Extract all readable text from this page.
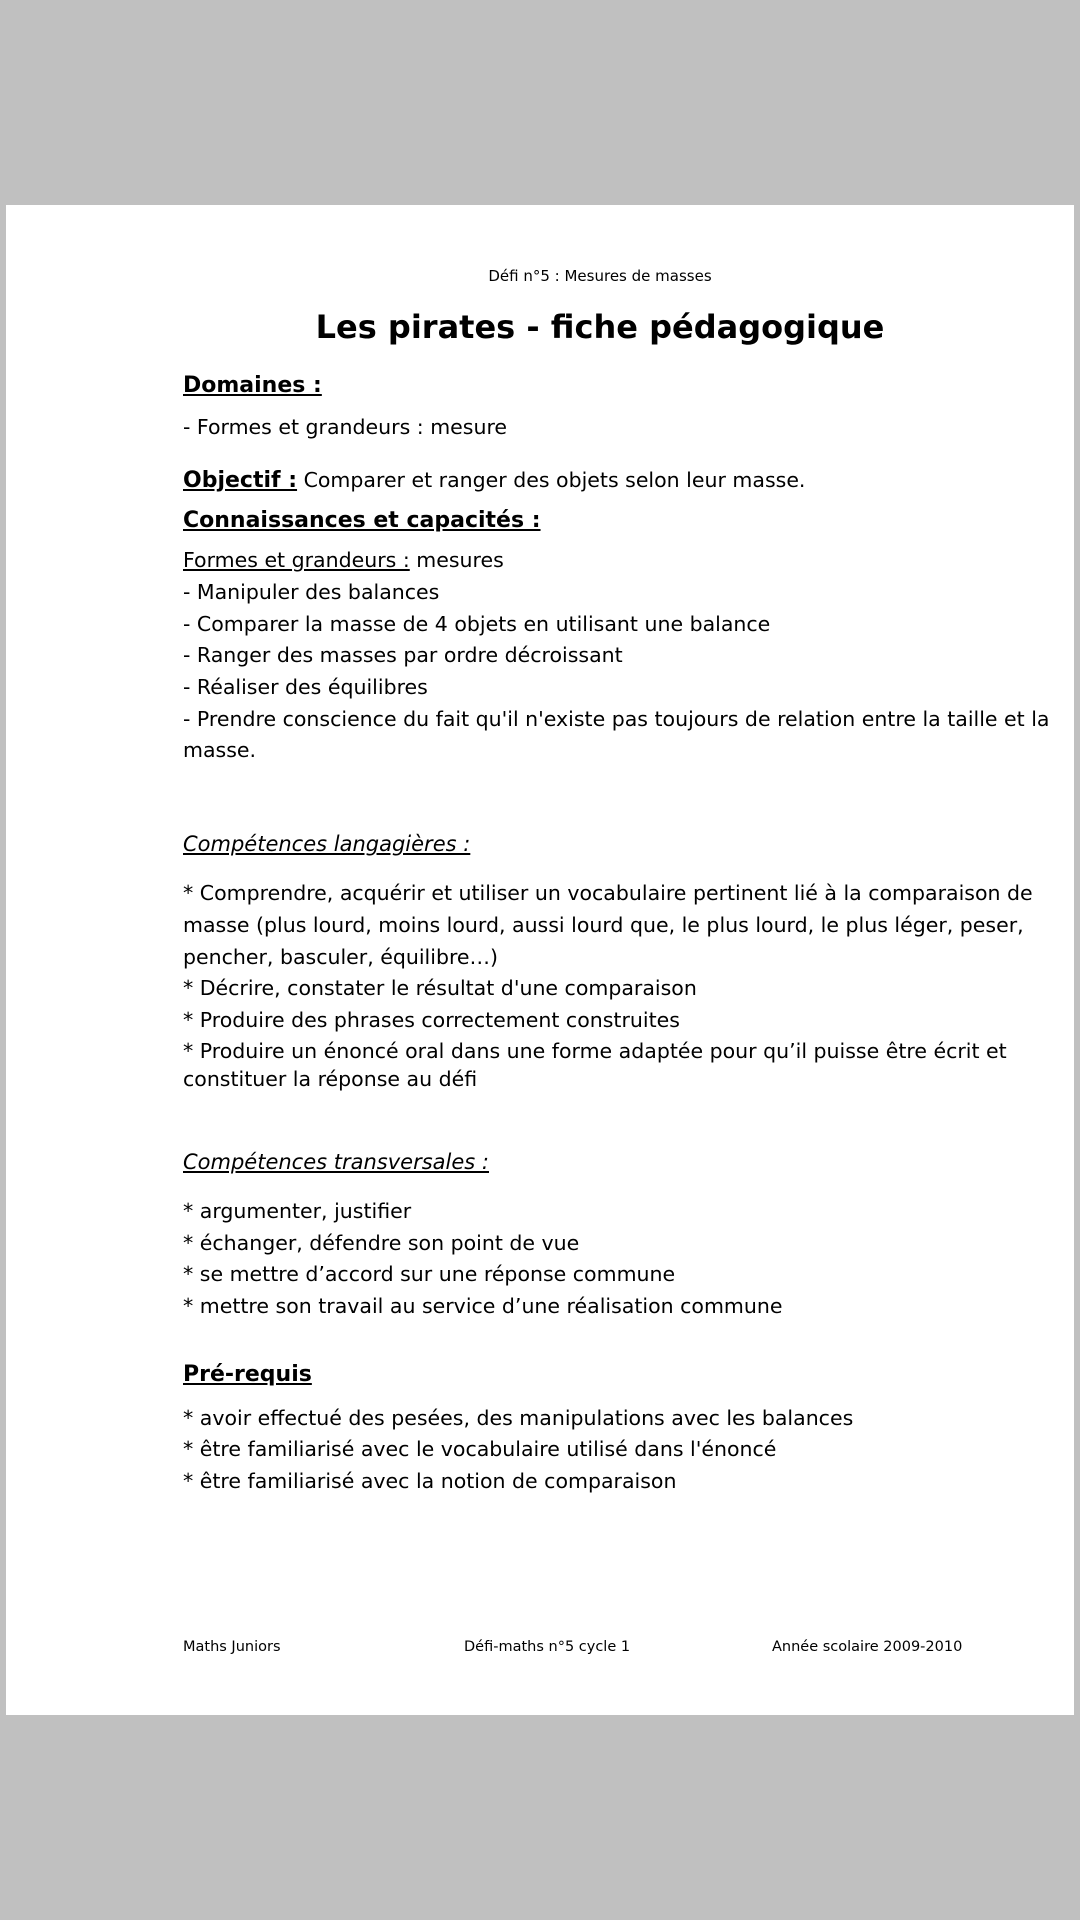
Défi n°5 : Mesures de masses
Les pirates - fiche pédagogique
Domaines :
- Formes et grandeurs : mesure
Objectif : Comparer et ranger des objets selon leur masse.
Connaissances et capacités :
Formes et grandeurs : mesures
- Manipuler des balances
- Comparer la masse de 4 objets en utilisant une balance
- Ranger des masses par ordre décroissant
- Réaliser des équilibres
- Prendre conscience du fait qu'il n'existe pas toujours de relation entre la taille et la
masse.
Compétences langagières :
* Comprendre, acquérir et utiliser un vocabulaire pertinent lié à la comparaison de
masse (plus lourd, moins lourd, aussi lourd que, le plus lourd, le plus léger, peser,
pencher, basculer, équilibre…)
* Décrire, constater le résultat d'une comparaison
* Produire des phrases correctement construites
* Produire un énoncé oral dans une forme adaptée pour qu’il puisse être écrit et
constituer la réponse au défi
Compétences transversales :
* argumenter, justifier
* échanger, défendre son point de vue
* se mettre d’accord sur une réponse commune
* mettre son travail au service d’une réalisation commune
Pré-requis
* avoir effectué des pesées, des manipulations avec les balances
* être familiarisé avec le vocabulaire utilisé dans l'énoncé
* être familiarisé avec la notion de comparaison
Maths Juniors	Défi-maths n°5 cycle 1	Année scolaire 2009-2010
